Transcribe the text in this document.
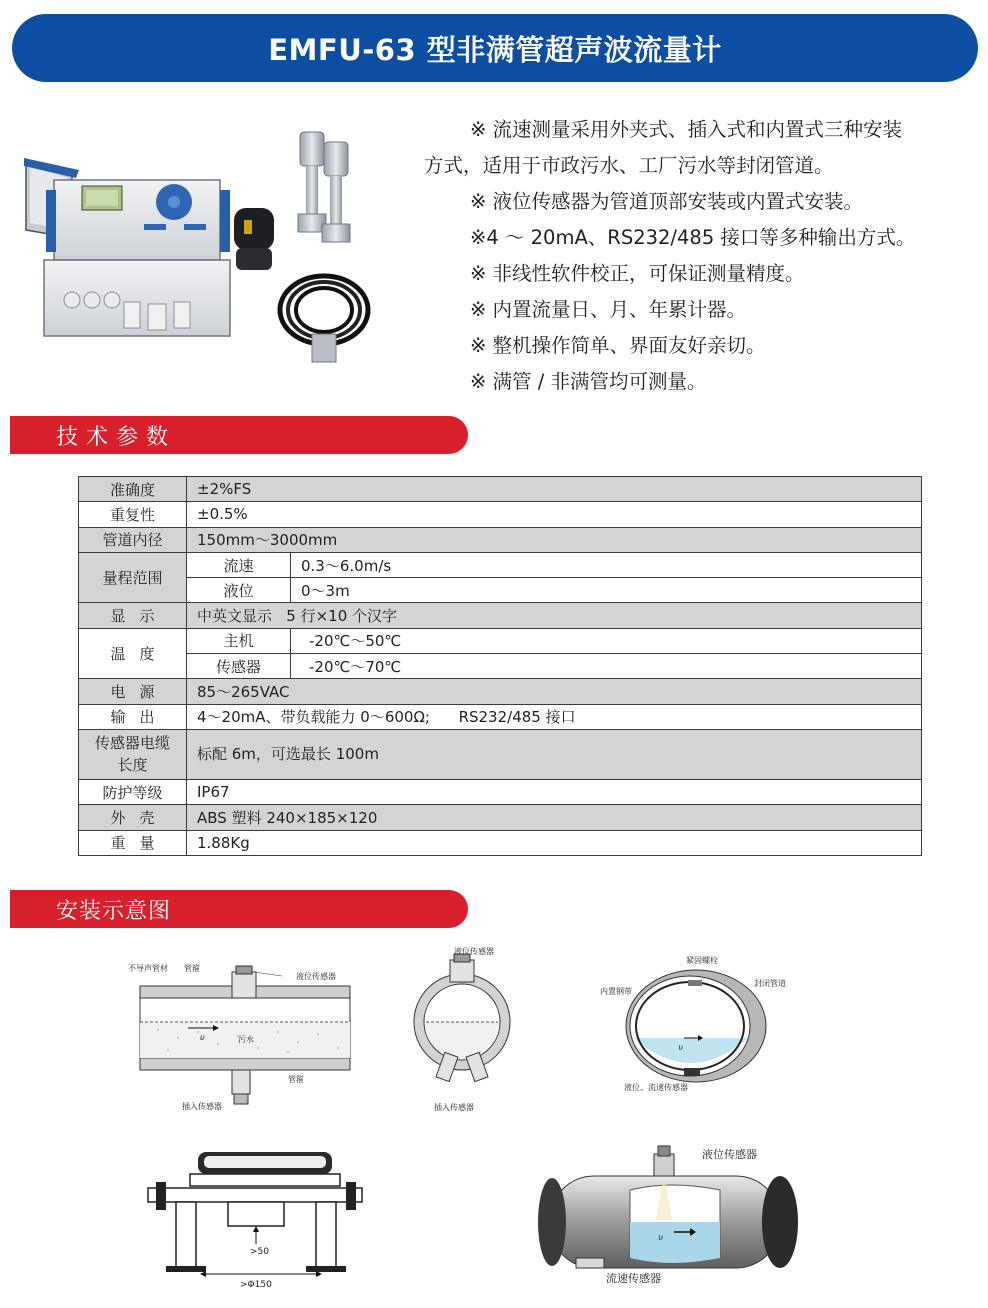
EMFU-63 型非满管超声波流量计
※ 流速测量采用外夹式、插入式和内置式三种安装
方式，适用于市政污水、工厂污水等封闭管道。
※ 液位传感器为管道顶部安装或内置式安装。
※4 ～ 20mA、RS232/485 接口等多种输出方式。
※ 非线性软件校正，可保证测量精度。
※ 内置流量日、月、年累计器。
※ 整机操作简单、界面友好亲切。
※ 满管 / 非满管均可测量。
技术参数
准确度	±2%FS	
重复性	±0.5%	
管道内径	150mm～3000mm	
量程范围	流速	0.3～6.0m/s
	液位	0～3m
显示	中英文显示   5 行×10 个汉字	
温度	主机	-20℃～50℃
	传感器	-20℃～70℃
电源	85～265VAC	
输出	4～20mA、带负载能力 0～600Ω;      RS232/485 接口	

传感器电缆
长度	标配 6m，可选最长 100m	
防护等级	IP67	
外壳	ABS 塑料 240×185×120	
重量	1.88Kg	
安装示意图
不导声管材 管箍
液位传感器
υ	污水
管箍
插入传感器
液位传感器
插入传感器
紧固螺栓
内置钢带
封闭管道
υ
液位、流速传感器
>50
>Φ150
液位传感器
υ
流速传感器
